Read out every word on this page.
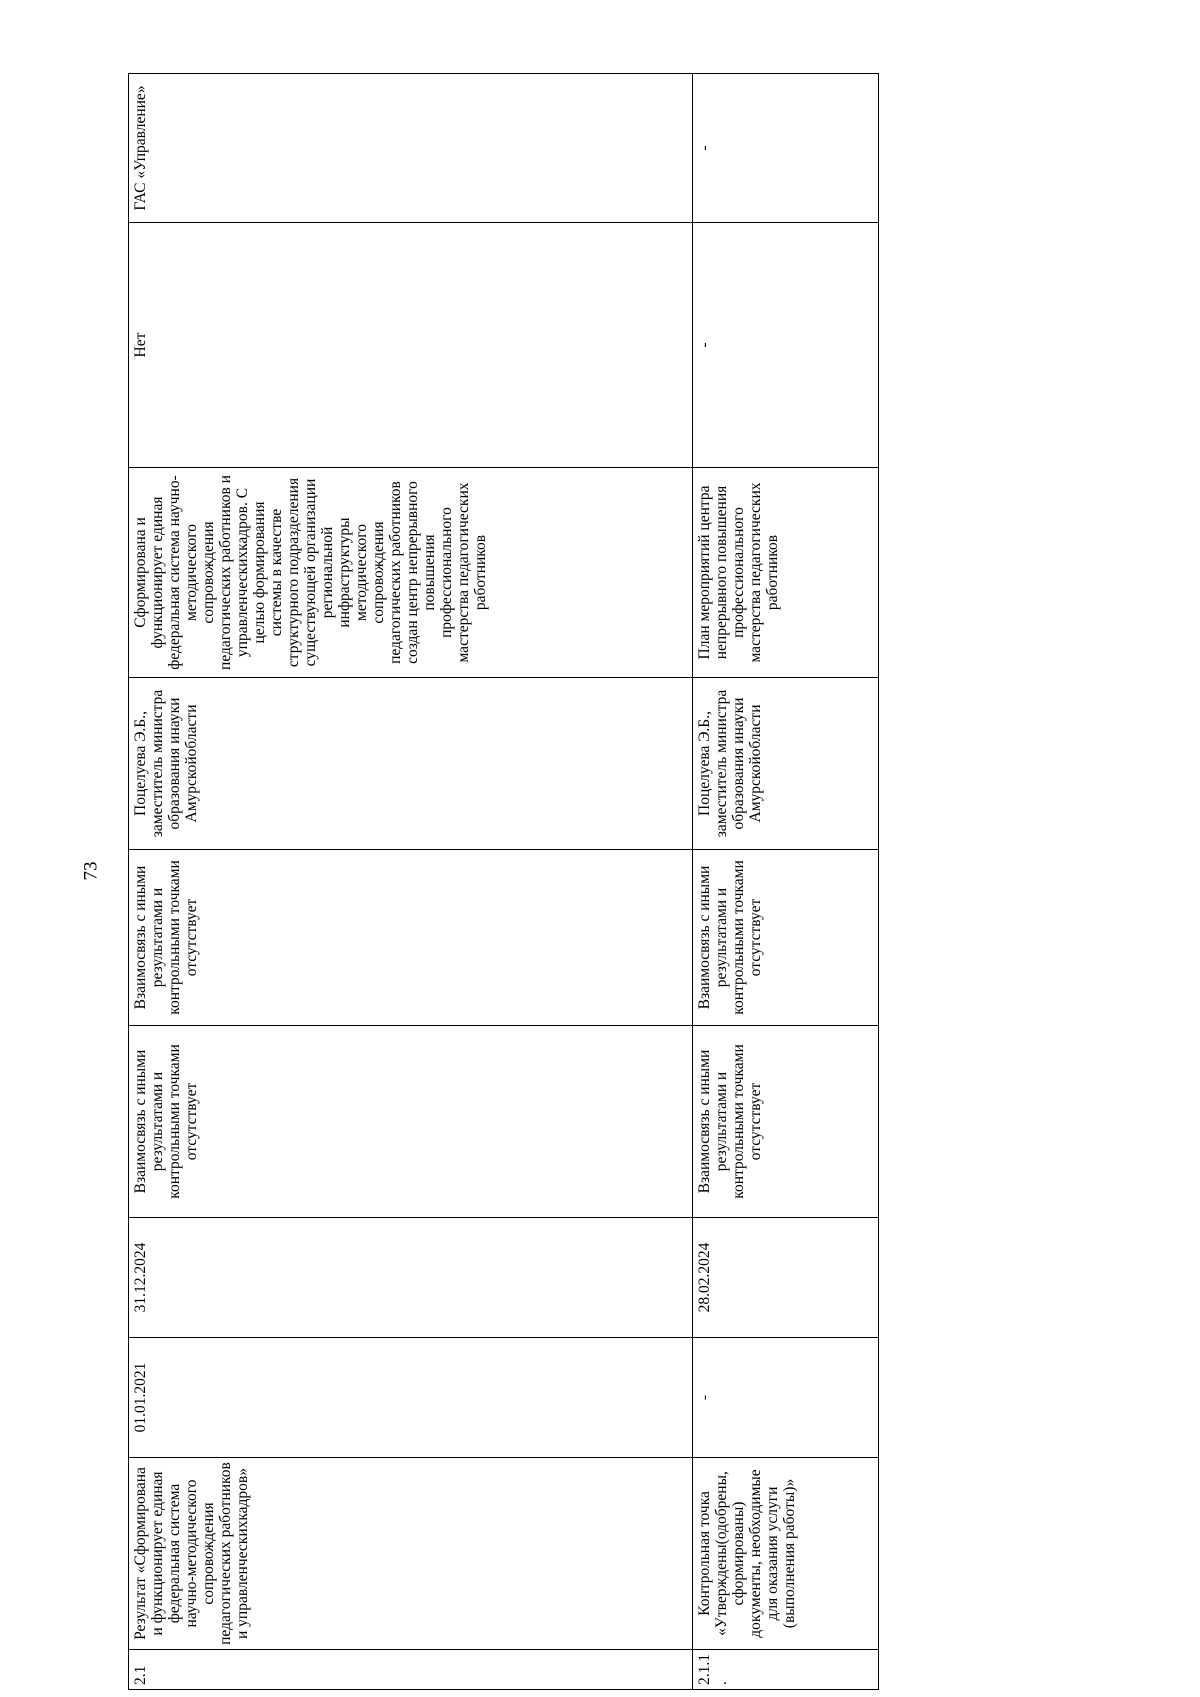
73
2.1	Результат «Сформирована и функционирует единая федеральная система научно-методического сопровождения педагогических работников и управленческихкадров»	01.01.2021	31.12.2024	Взаимосвязь с иными результатами и контрольными точками отсутствует	Взаимосвязь с иными результатами и контрольными точками отсутствует	Поцелуева Э.Б., заместитель министра образования инауки Амурскойобласти	Сформирована и функционирует единая федеральная система научно-методического сопровождения педагогических работников и управленческихкадров. С целью формирования системы в качестве структурного подразделения существующей организации региональной инфраструктуры методического сопровождения педагогических работников создан центр непрерывного повышения профессионального мастерства педагогических работников	Нет	ГАС «Управление»
2.1.1.	Контрольная точка «Утверждены(одобрены, сформированы) документы, необходимые для оказания услуги (выполнения работы)»	-	28.02.2024	Взаимосвязь с иными результатами и контрольными точками отсутствует	Взаимосвязь с иными результатами и контрольными точками отсутствует	Поцелуева Э.Б., заместитель министра образования инауки Амурскойобласти	План мероприятий центра непрерывного повышения профессионального мастерства педагогических работников	-	-
